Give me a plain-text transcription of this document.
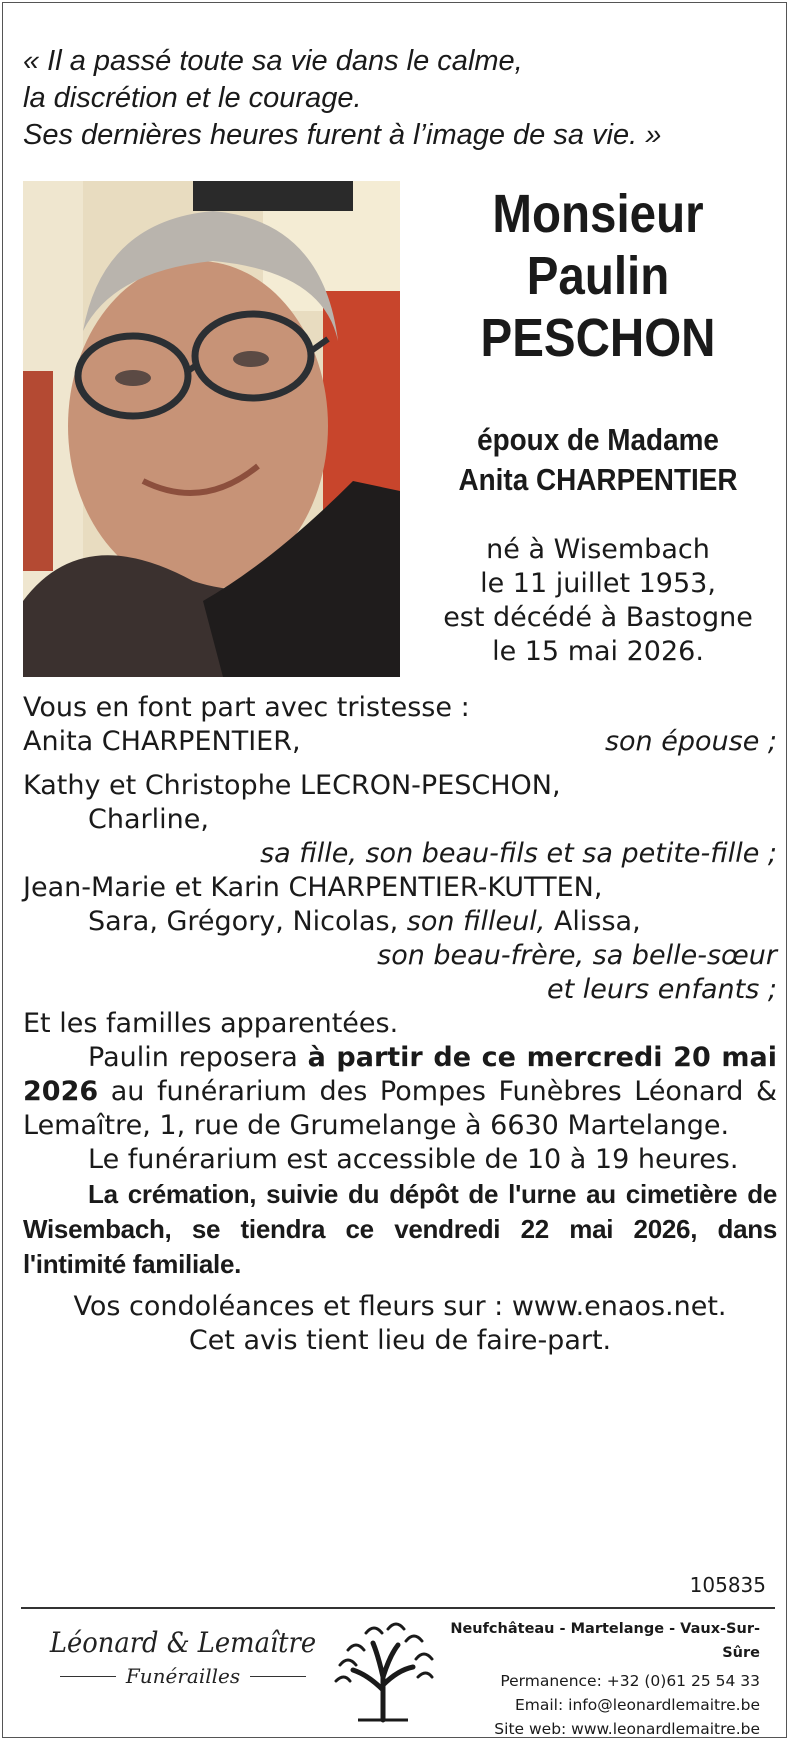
« Il a passé toute sa vie dans le calme,
la discrétion et le courage.
Ses dernières heures furent à l’image de sa vie. »
Monsieur
Paulin
PESCHON
époux de Madame
Anita CHARPENTIER
né à Wisembach
le 11 juillet 1953,
est décédé à Bastogne
le 15 mai 2026.
Vous en font part avec tristesse :
Anita CHARPENTIER,	son épouse ;
Kathy et Christophe LECRON-PESCHON,
Charline,
sa fille, son beau-fils et sa petite-fille ;
Jean-Marie et Karin CHARPENTIER-KUTTEN,
Sara, Grégory, Nicolas, son filleul, Alissa,
son beau-frère, sa belle-sœur
et leurs enfants ;
Et les familles apparentées.
Paulin reposera à partir de ce mercredi 20 mai 2026 au funérarium des Pompes Funèbres Léonard & Lemaître, 1, rue de Grumelange à 6630 Martelange.
Le funérarium est accessible de 10 à 19 heures.
La crémation, suivie du dépôt de l'urne au cimetière de Wisembach, se tiendra ce vendredi 22 mai 2026, dans l'intimité familiale.
Vos condoléances et fleurs sur : www.enaos.net.
Cet avis tient lieu de faire-part.
105835
Léonard & Lemaître
Funérailles
Neufchâteau - Martelange - Vaux-Sur-Sûre
Permanence: +32 (0)61 25 54 33
Email: info@leonardlemaitre.be
Site web: www.leonardlemaitre.be
